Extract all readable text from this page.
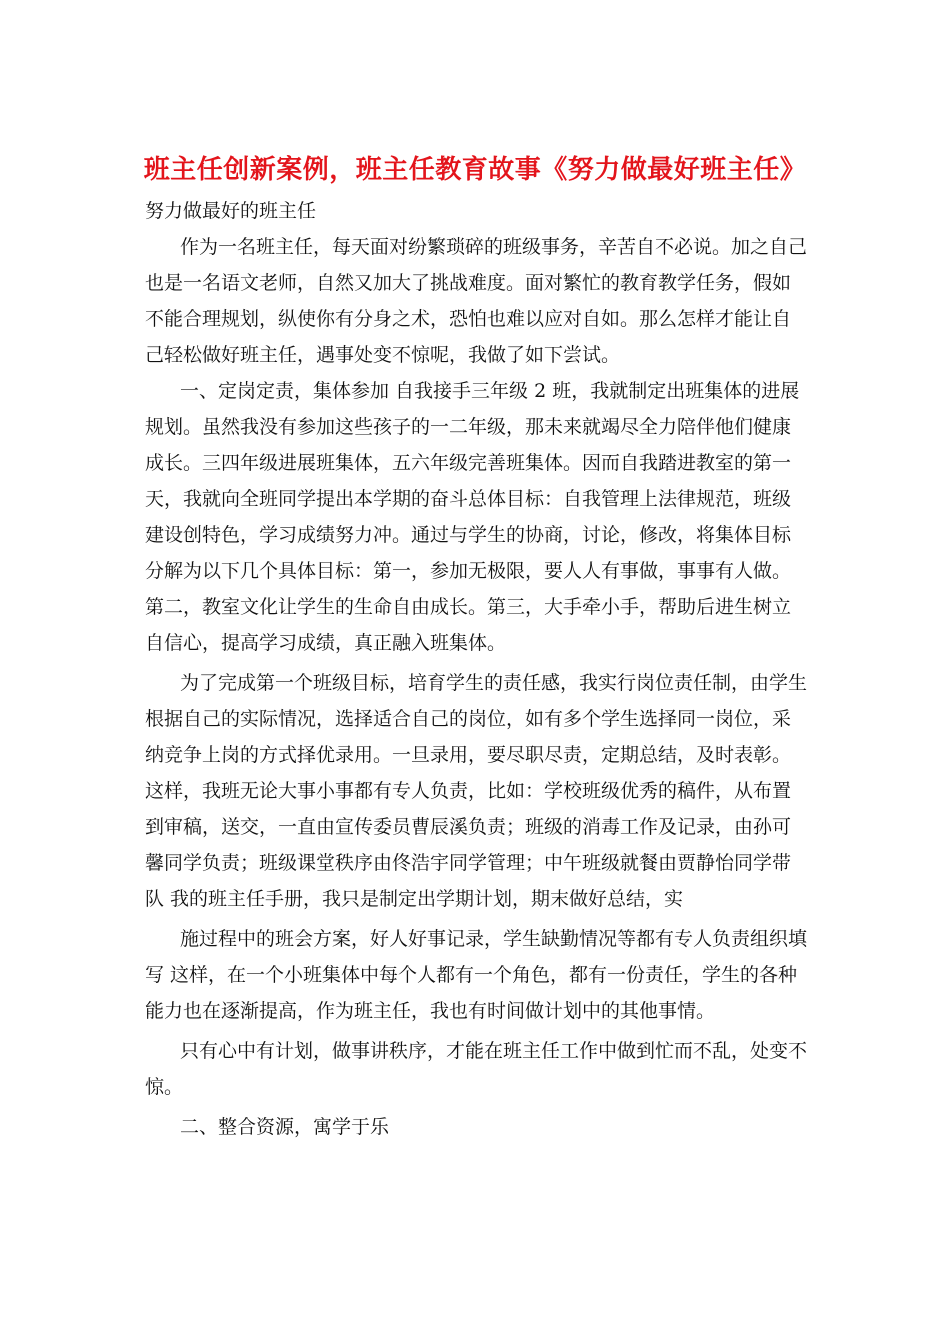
班主任创新案例，班主任教育故事《努力做最好班主任》
努力做最好的班主任
作为一名班主任，每天面对纷繁琐碎的班级事务，辛苦自不必说。加之自己
也是一名语文老师，自然又加大了挑战难度。面对繁忙的教育教学任务，假如
不能合理规划，纵使你有分身之术，恐怕也难以应对自如。那么怎样才能让自
己轻松做好班主任，遇事处变不惊呢，我做了如下尝试。
一、定岗定责，集体参加 自我接手三年级 2 班，我就制定出班集体的进展
规划。虽然我没有参加这些孩子的一二年级，那未来就竭尽全力陪伴他们健康
成长。三四年级进展班集体，五六年级完善班集体。因而自我踏进教室的第一
天，我就向全班同学提出本学期的奋斗总体目标：自我管理上法律规范，班级
建设创特色，学习成绩努力冲。通过与学生的协商，讨论，修改，将集体目标
分解为以下几个具体目标：第一，参加无极限，要人人有事做，事事有人做。
第二，教室文化让学生的生命自由成长。第三，大手牵小手，帮助后进生树立
自信心，提高学习成绩，真正融入班集体。
为了完成第一个班级目标，培育学生的责任感，我实行岗位责任制，由学生
根据自己的实际情况，选择适合自己的岗位，如有多个学生选择同一岗位，采
纳竞争上岗的方式择优录用。一旦录用，要尽职尽责，定期总结，及时表彰。
这样，我班无论大事小事都有专人负责，比如：学校班级优秀的稿件，从布置
到审稿，送交，一直由宣传委员曹辰溪负责；班级的消毒工作及记录，由孙可
馨同学负责；班级课堂秩序由佟浩宇同学管理；中午班级就餐由贾静怡同学带
队 我的班主任手册，我只是制定出学期计划，期末做好总结，实
施过程中的班会方案，好人好事记录，学生缺勤情况等都有专人负责组织填
写 这样，在一个小班集体中每个人都有一个角色，都有一份责任，学生的各种
能力也在逐渐提高，作为班主任，我也有时间做计划中的其他事情。
只有心中有计划，做事讲秩序，才能在班主任工作中做到忙而不乱，处变不
惊。
二、整合资源，寓学于乐
